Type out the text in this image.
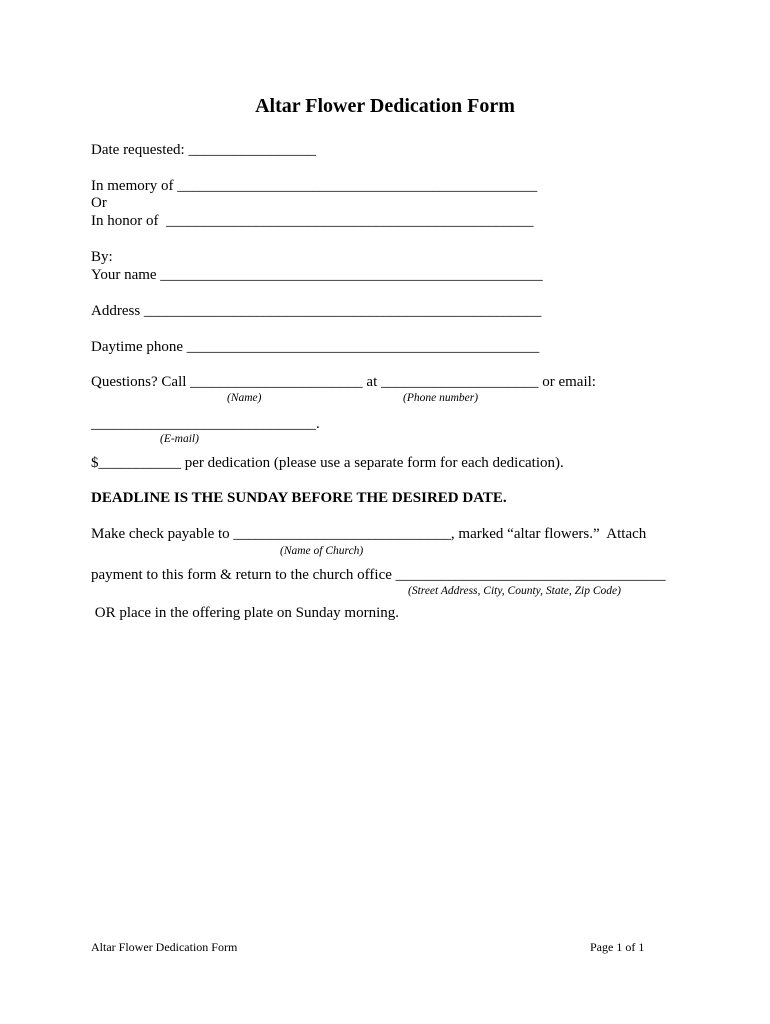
Altar Flower Dedication Form
Date requested: _________________
In memory of ________________________________________________
Or
In honor of  _________________________________________________
By:
Your name ___________________________________________________
Address _____________________________________________________
Daytime phone _______________________________________________
Questions? Call _______________________ at _____________________ or email:
(Name)	(Phone number)
______________________________.
(E-mail)
$___________ per dedication (please use a separate form for each dedication).
DEADLINE IS THE SUNDAY BEFORE THE DESIRED DATE.
Make check payable to _____________________________, marked “altar flowers.”  Attach
(Name of Church)
payment to this form & return to the church office ____________________________________
(Street Address, City, County, State, Zip Code)
OR place in the offering plate on Sunday morning.
Altar Flower Dedication Form	Page 1 of 1
